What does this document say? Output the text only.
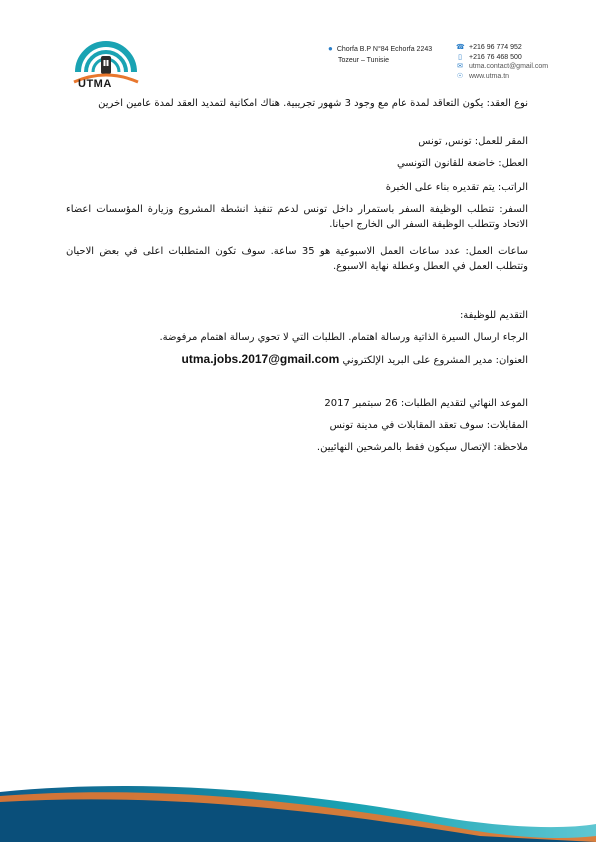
UTMA
● Chorfa B.P N°84 Echorfa 2243
Tozeur – Tunisie
☎ +216 96 774 952
▯ +216 76 468 500
✉ utma.contact@gmail.com
☉ www.utma.tn
نوع العقد: يكون التعاقد لمدة عام مع وجود 3 شهور تجريبية. هناك امكانية لتمديد العقد لمدة عامين اخرين
المقر للعمل: تونس, تونس
العطل: خاضعة للقانون التونسي
الراتب: يتم تقديره بناء على الخبرة
السفر: تتطلب الوظيفة السفر باستمرار داخل تونس لدعم تنفيذ انشطة المشروع وزيارة المؤسسات اعضاء الاتحاد وتتطلب الوظيفة السفر الى الخارج احيانا.
ساعات العمل: عدد ساعات العمل الاسبوعية هو 35 ساعة. سوف تكون المتطلبات اعلى في بعض الاحيان وتتطلب العمل في العطل وعطلة نهاية الاسبوع.
التقديم للوظيفة:
الرجاء ارسال السيرة الذاتية ورسالة اهتمام. الطلبات التي لا تحوي رسالة اهتمام مرفوضة.
العنوان: مدير المشروع على البريد الإلكتروني utma.jobs.2017@gmail.com
الموعد النهائي لتقديم الطلبات: 26 سبتمبر 2017
المقابلات: سوف تعقد المقابلات في مدينة تونس
ملاحظة: الإتصال سيكون فقط بالمرشحين النهائيين.
